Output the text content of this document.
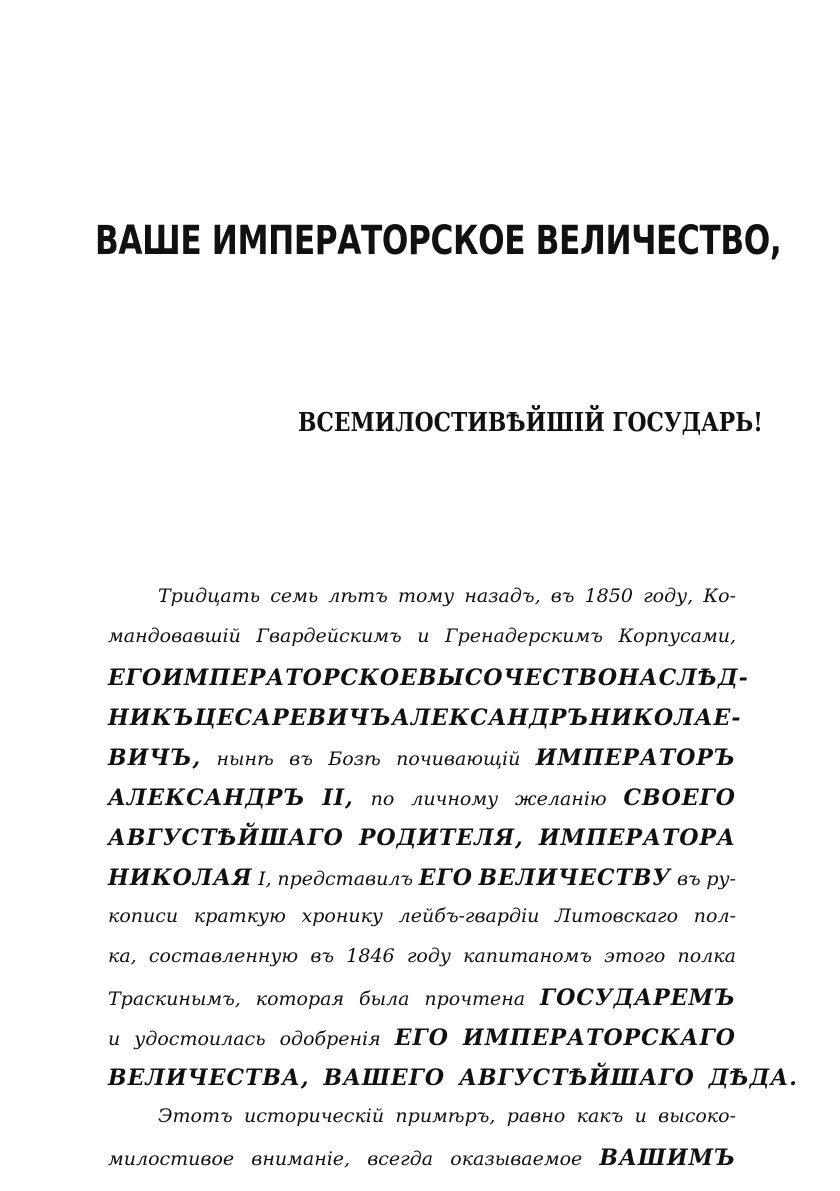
ВАШЕ ИМПЕРАТОРСКОЕ ВЕЛИЧЕСТВО,
ВСЕМИЛОСТИВѢЙШІЙ ГОСУДАРЬ!
Тридцать семь лѣтъ тому назадъ, въ 1850 году, Ко-
мандовавшій Гвардейскимъ и Гренадерскимъ Корпусами,
ЕГО ИМПЕРАТОРСКОЕ ВЫСОЧЕСТВО НАСЛѢД-
НИКЪ ЦЕСАРЕВИЧЪ АЛЕКСАНДРЪ НИКОЛАЕ-
ВИЧЪ, нынѣ въ Бозѣ почивающій ИМПЕРАТОРЪ
АЛЕКСАНДРЪ II, по личному желанію СВОЕГО
АВГУСТѢЙШАГО РОДИТЕЛЯ, ИМПЕРАТОРА
НИКОЛАЯ I, представилъ ЕГО ВЕЛИЧЕСТВУ въ ру-
кописи краткую хронику лейбъ-гвардіи Литовскаго пол-
ка, составленную въ 1846 году капитаномъ этого полка
Траскинымъ, которая была прочтена ГОСУДАРЕМЪ
и удостоилась одобренія ЕГО ИМПЕРАТОРСКАГО
ВЕЛИЧЕСТВА, ВАШЕГО АВГУСТѢЙШАГО ДѢДА.
Этотъ историческій примѣръ, равно какъ и высоко-
милостивое вниманіе, всегда оказываемое ВАШИМЪ
